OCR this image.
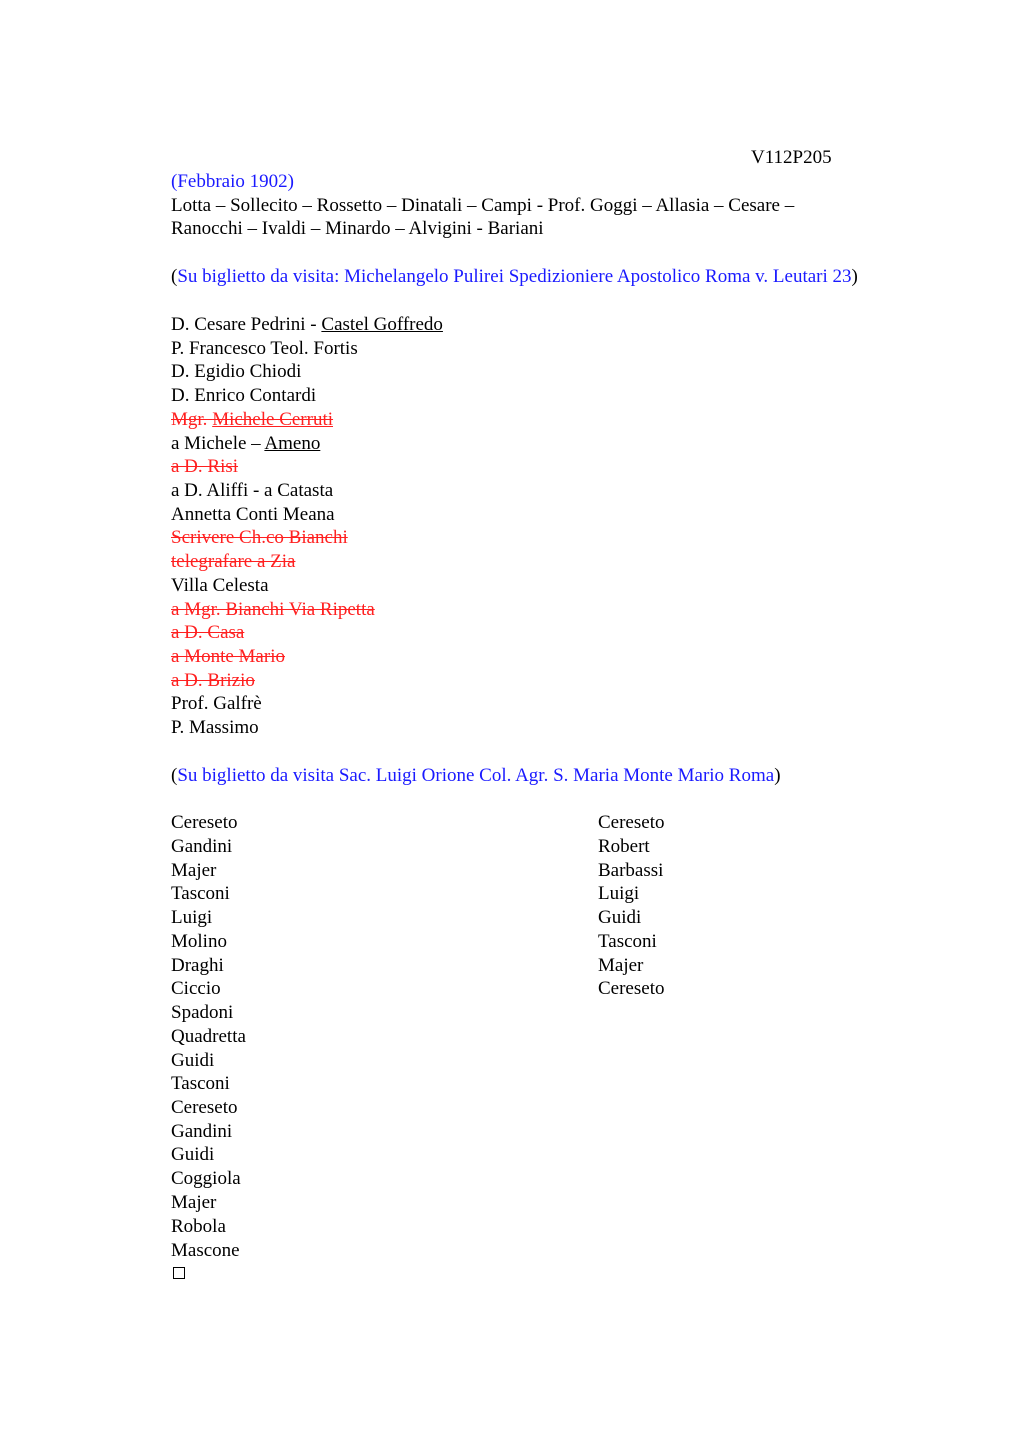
V112P205
(Febbraio 1902)
Lotta – Sollecito – Rossetto – Dinatali – Campi - Prof. Goggi – Allasia – Cesare –
Ranocchi – Ivaldi – Minardo – Alvigini - Bariani
(Su biglietto da visita: Michelangelo Pulirei Spedizioniere Apostolico Roma v. Leutari 23)
D. Cesare Pedrini - Castel Goffredo
P. Francesco Teol. Fortis
D. Egidio Chiodi
D. Enrico Contardi
Mgr. Michele Cerruti
a Michele – Ameno
a D. Risi
a D. Aliffi - a Catasta
Annetta Conti Meana
Scrivere Ch.co Bianchi
telegrafare a Zia
Villa Celesta
a Mgr. Bianchi Via Ripetta
a D. Casa
a Monte Mario
a D. Brizio
Prof. Galfrè
P. Massimo
(Su biglietto da visita Sac. Luigi Orione Col. Agr. S. Maria Monte Mario Roma)
Cereseto
Gandini
Majer
Tasconi
Luigi
Molino
Draghi
Ciccio
Spadoni
Quadretta
Guidi
Tasconi
Cereseto
Gandini
Guidi
Coggiola
Majer
Robola
Mascone
Cereseto
Robert
Barbassi
Luigi
Guidi
Tasconi
Majer
Cereseto
